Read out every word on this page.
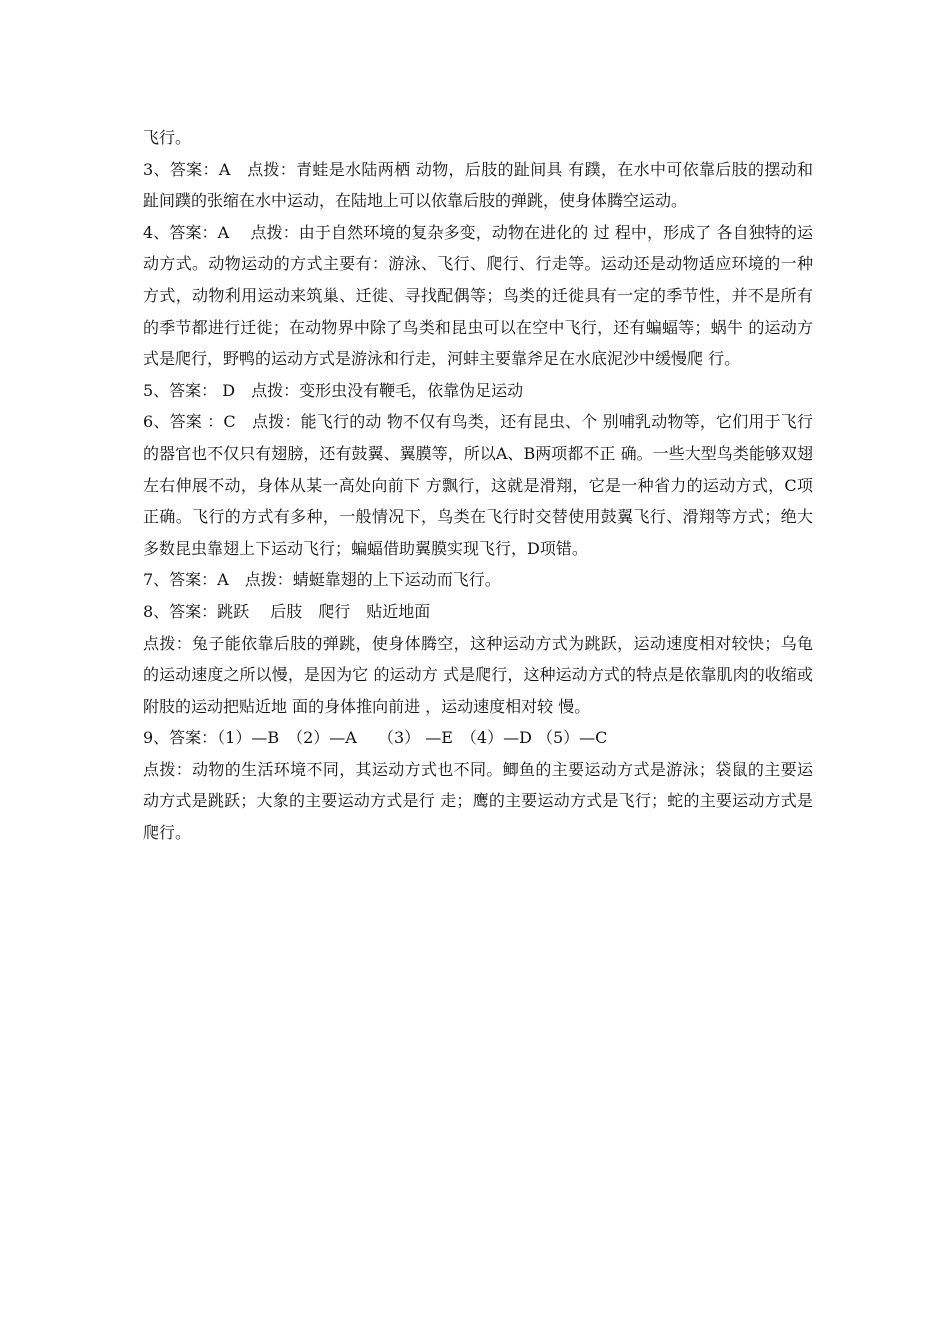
飞行。

3、答案：A　点拨：青蛙是水陆两栖 动物，后肢的趾间具 有蹼，在水中可依靠后肢的摆动和趾间蹼的张缩在水中运动，在陆地上可以依靠后肢的弹跳，使身体腾空运动。

4、答案：A　 点拨：由于自然环境的复杂多变，动物在进化的 过 程中，形成了 各自独特的运动方式。动物运动的方式主要有：游泳、飞行、爬行、行走等。运动还是动物适应环境的一种方式，动物利用运动来筑巢、迁徙、寻找配偶等；鸟类的迁徙具有一定的季节性，并不是所有的季节都进行迁徙；在动物界中除了鸟类和昆虫可以在空中飞行，还有蝙蝠等；蜗牛 的运动方式是爬行，野鸭的运动方式是游泳和行走，河蚌主要靠斧足在水底泥沙中缓慢爬 行。

5、答案： D　点拨：变形虫没有鞭毛，依靠伪足运动

6、答案 ：C　点拨：能飞行的动 物不仅有鸟类，还有昆虫、个 别哺乳动物等，它们用于飞行的器官也不仅只有翅膀，还有鼓翼、翼膜等，所以A、B两项都不正 确。一些大型鸟类能够双翅左右伸展不动，身体从某一高处向前下 方飘行，这就是滑翔，它是一种省力的运动方式，C项正确。飞行的方式有多种，一般情况下，鸟类在飞行时交替使用鼓翼飞行、滑翔等方式；绝大多数昆虫靠翅上下运动飞行；蝙蝠借助翼膜实现飞行，D项错。

7、答案：A　点拨：蜻蜓靠翅的上下运动而飞行。

8、答案：跳跃　 后肢　爬行　贴近地面

点拨：兔子能依靠后肢的弹跳，使身体腾空，这种运动方式为跳跃，运动速度相对较快；乌龟的运动速度之所以慢，是因为它 的运动方 式是爬行，这种运动方式的特点是依靠肌肉的收缩或附肢的运动把贴近地 面的身体推向前进 ，运动速度相对较 慢。

9、答案：（1）—B　（2）—A　 （3） —E　（4）—D （5）—C

点拨：动物的生活环境不同，其运动方式也不同。鲫鱼的主要运动方式是游泳；袋鼠的主要运动方式是跳跃；大象的主要运动方式是行 走；鹰的主要运动方式是飞行；蛇的主要运动方式是爬行。
